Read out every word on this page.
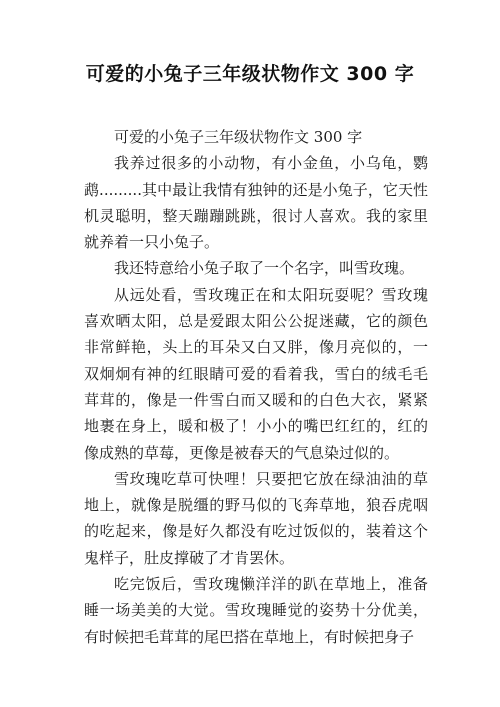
可爱的小兔子三年级状物作文 300 字

可爱的小兔子三年级状物作文 300 字

我养过很多的小动物，有小金鱼，小乌龟，鹦鹉.........其中最让我情有独钟的还是小兔子，它天性机灵聪明，整天蹦蹦跳跳，很讨人喜欢。我的家里就养着一只小兔子。

我还特意给小兔子取了一个名字，叫雪玫瑰。

从远处看，雪玫瑰正在和太阳玩耍呢？雪玫瑰喜欢晒太阳，总是爱跟太阳公公捉迷藏，它的颜色非常鲜艳，头上的耳朵又白又胖，像月亮似的，一双炯炯有神的红眼睛可爱的看着我，雪白的绒毛毛茸茸的，像是一件雪白而又暖和的白色大衣，紧紧地裹在身上，暖和极了！小小的嘴巴红红的，红的像成熟的草莓，更像是被春天的气息染过似的。

雪玫瑰吃草可快哩！只要把它放在绿油油的草地上，就像是脱缰的野马似的飞奔草地，狼吞虎咽的吃起来，像是好久都没有吃过饭似的，装着这个鬼样子，肚皮撑破了才肯罢休。

吃完饭后，雪玫瑰懒洋洋的趴在草地上，准备睡一场美美的大觉。雪玫瑰睡觉的姿势十分优美，有时候把毛茸茸的尾巴搭在草地上，有时候把身子
